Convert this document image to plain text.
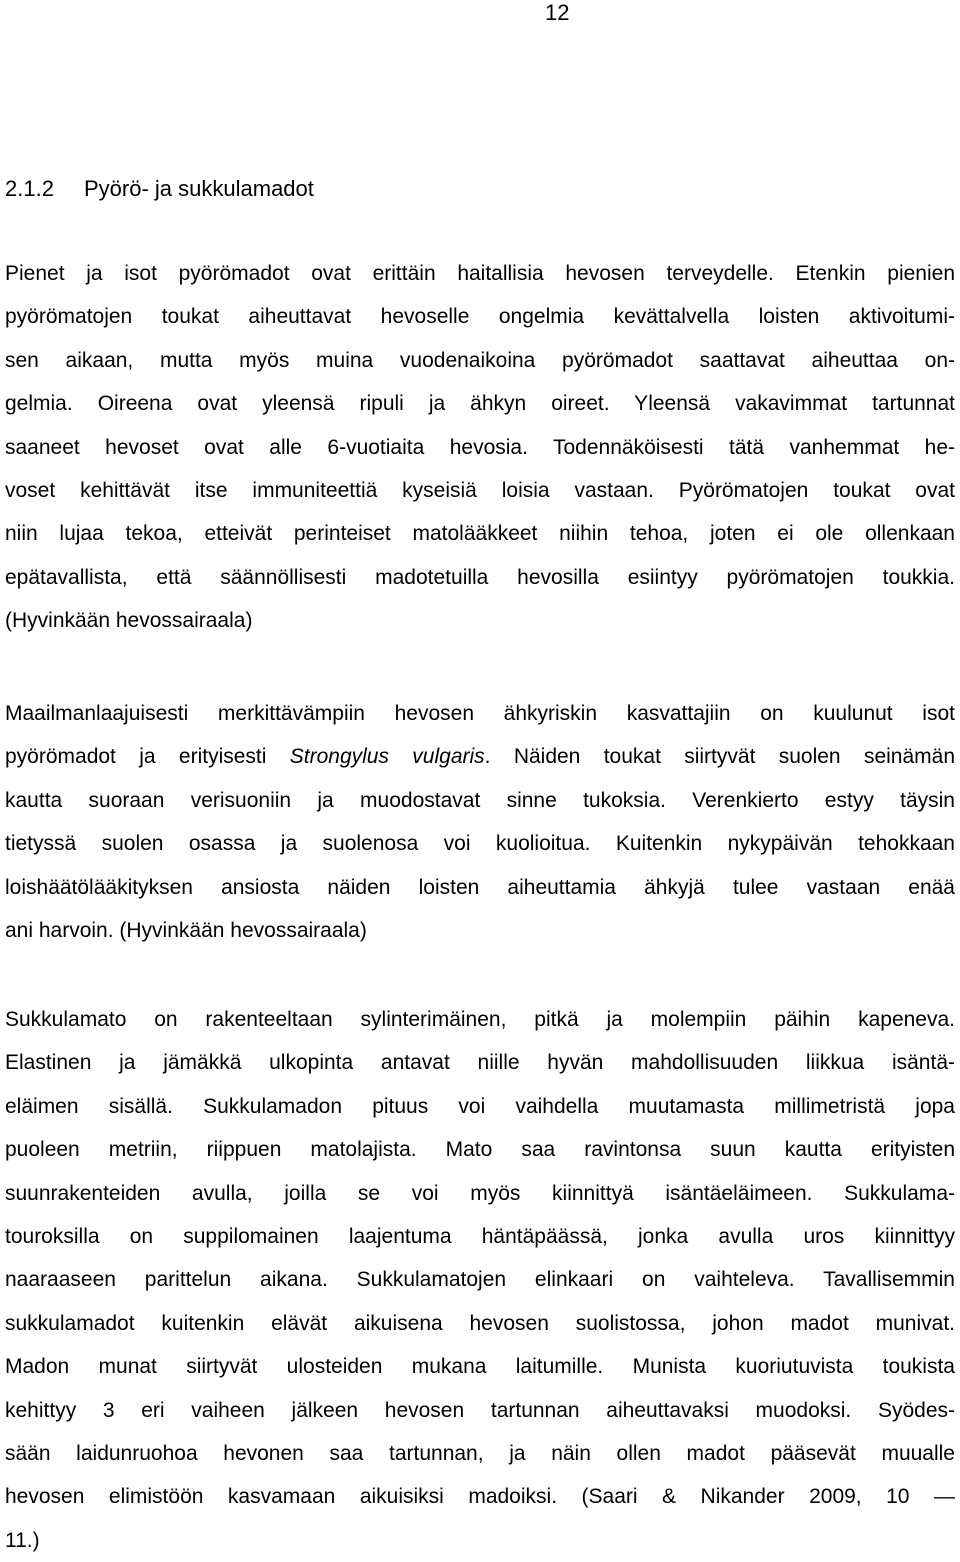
12
2.1.2 Pyörö- ja sukkulamadot
Pienet ja isot pyörömadot ovat erittäin haitallisia hevosen terveydelle. Etenkin pienien
pyörömatojen toukat aiheuttavat hevoselle ongelmia kevättalvella loisten aktivoitumi-
sen aikaan, mutta myös muina vuodenaikoina pyörömadot saattavat aiheuttaa on-
gelmia. Oireena ovat yleensä ripuli ja ähkyn oireet. Yleensä vakavimmat tartunnat
saaneet hevoset ovat alle 6-vuotiaita hevosia. Todennäköisesti tätä vanhemmat he-
voset kehittävät itse immuniteettiä kyseisiä loisia vastaan. Pyörömatojen toukat ovat
niin lujaa tekoa, etteivät perinteiset matolääkkeet niihin tehoa, joten ei ole ollenkaan
epätavallista, että säännöllisesti madotetuilla hevosilla esiintyy pyörömatojen toukkia.
(Hyvinkään hevossairaala)
Maailmanlaajuisesti merkittävämpiin hevosen ähkyriskin kasvattajiin on kuulunut isot
pyörömadot ja erityisesti Strongylus vulgaris. Näiden toukat siirtyvät suolen seinämän
kautta suoraan verisuoniin ja muodostavat sinne tukoksia. Verenkierto estyy täysin
tietyssä suolen osassa ja suolenosa voi kuolioitua. Kuitenkin nykypäivän tehokkaan
loishäätölääkityksen ansiosta näiden loisten aiheuttamia ähkyjä tulee vastaan enää
ani harvoin. (Hyvinkään hevossairaala)
Sukkulamato on rakenteeltaan sylinterimäinen, pitkä ja molempiin päihin kapeneva.
Elastinen ja jämäkkä ulkopinta antavat niille hyvän mahdollisuuden liikkua isäntä-
eläimen sisällä. Sukkulamadon pituus voi vaihdella muutamasta millimetristä jopa
puoleen metriin, riippuen matolajista. Mato saa ravintonsa suun kautta erityisten
suunrakenteiden avulla, joilla se voi myös kiinnittyä isäntäeläimeen. Sukkulama-
touroksilla on suppilomainen laajentuma häntäpäässä, jonka avulla uros kiinnittyy
naaraaseen parittelun aikana. Sukkulamatojen elinkaari on vaihteleva. Tavallisemmin
sukkulamadot kuitenkin elävät aikuisena hevosen suolistossa, johon madot munivat.
Madon munat siirtyvät ulosteiden mukana laitumille. Munista kuoriutuvista toukista
kehittyy 3 eri vaiheen jälkeen hevosen tartunnan aiheuttavaksi muodoksi. Syödes-
sään laidunruohoa hevonen saa tartunnan, ja näin ollen madot pääsevät muualle
hevosen elimistöön kasvamaan aikuisiksi madoiksi. (Saari & Nikander 2009, 10 —
11.)
